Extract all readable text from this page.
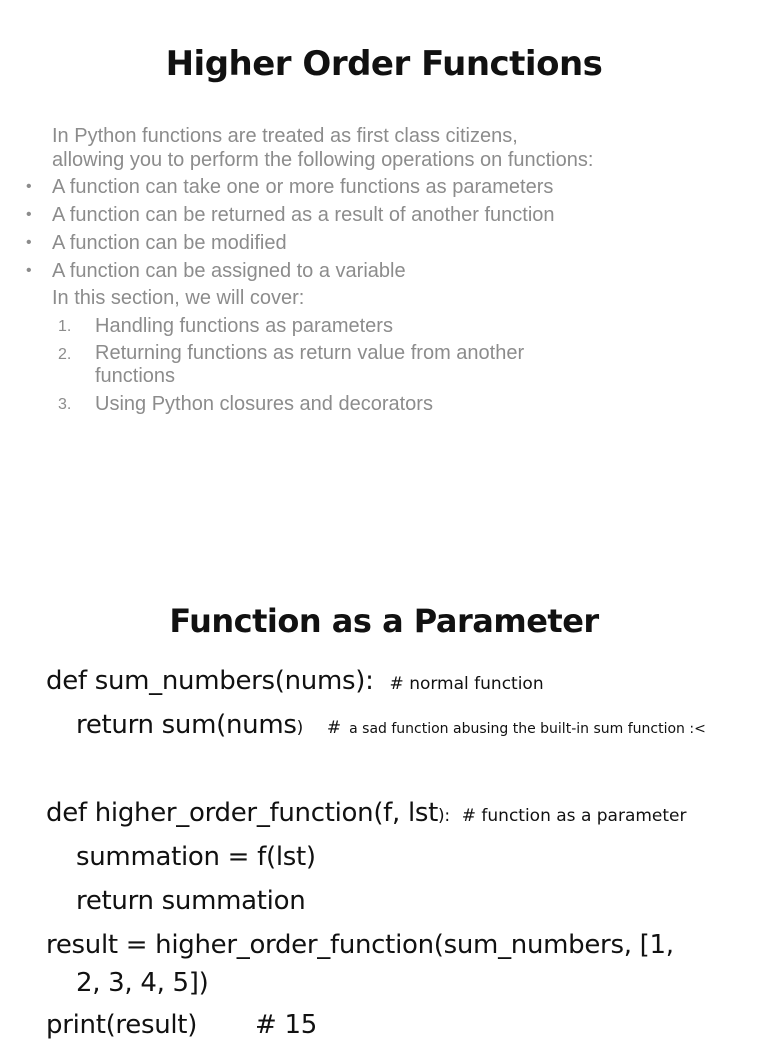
Higher Order Functions
In Python functions are treated as first class citizens,
allowing you to perform the following operations on functions:
• A function can take one or more functions as parameters
• A function can be returned as a result of another function
• A function can be modified
• A function can be assigned to a variable
In this section, we will cover:
1. Handling functions as parameters
2. Returning functions as return value from another
functions
3. Using Python closures and decorators
Function as a Parameter
def sum_numbers(nums): # normal function
return sum(nums) # a sad function abusing the built-in sum function :<
def higher_order_function(f, lst): # function as a parameter
summation = f(lst)
return summation
result = higher_order_function(sum_numbers, [1,
2, 3, 4, 5])
print(result) # 15
